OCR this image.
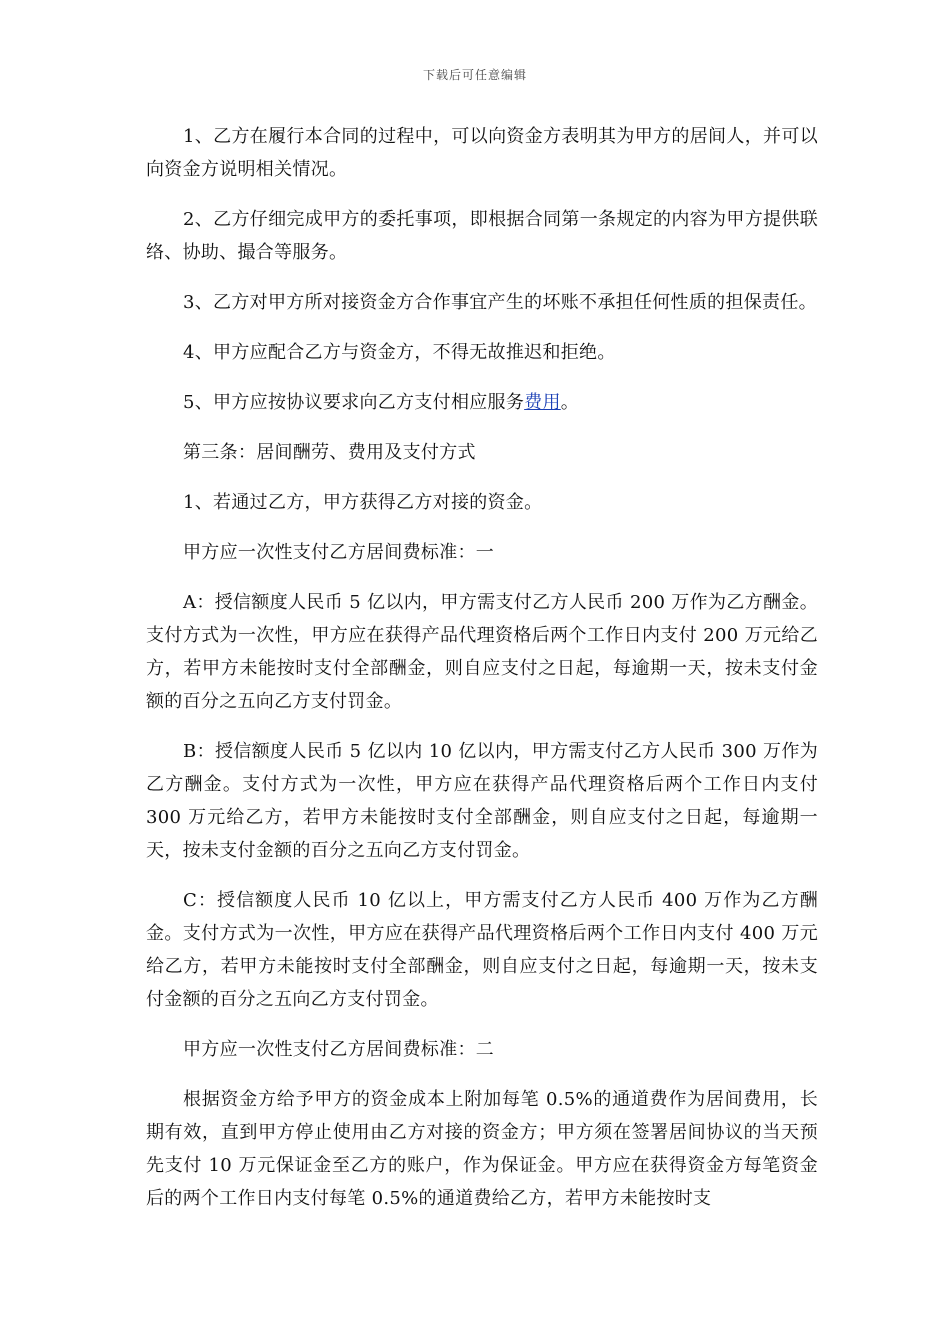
下载后可任意编辑

1、乙方在履行本合同的过程中，可以向资金方表明其为甲方的居间人，并可以向资金方说明相关情况。

2、乙方仔细完成甲方的委托事项，即根据合同第一条规定的内容为甲方提供联络、协助、撮合等服务。

3、乙方对甲方所对接资金方合作事宜产生的坏账不承担任何性质的担保责任。

4、甲方应配合乙方与资金方，不得无故推迟和拒绝。

5、甲方应按协议要求向乙方支付相应服务费用。

第三条：居间酬劳、费用及支付方式

1、若通过乙方，甲方获得乙方对接的资金。

甲方应一次性支付乙方居间费标准：一

A：授信额度人民币 5 亿以内，甲方需支付乙方人民币 200 万作为乙方酬金。支付方式为一次性，甲方应在获得产品代理资格后两个工作日内支付 200 万元给乙方，若甲方未能按时支付全部酬金，则自应支付之日起，每逾期一天，按未支付金额的百分之五向乙方支付罚金。

B：授信额度人民币 5 亿以内 10 亿以内，甲方需支付乙方人民币 300 万作为乙方酬金。支付方式为一次性，甲方应在获得产品代理资格后两个工作日内支付 300 万元给乙方，若甲方未能按时支付全部酬金，则自应支付之日起，每逾期一天，按未支付金额的百分之五向乙方支付罚金。

C：授信额度人民币 10 亿以上，甲方需支付乙方人民币 400 万作为乙方酬金。支付方式为一次性，甲方应在获得产品代理资格后两个工作日内支付 400 万元给乙方，若甲方未能按时支付全部酬金，则自应支付之日起，每逾期一天，按未支付金额的百分之五向乙方支付罚金。

甲方应一次性支付乙方居间费标准：二

根据资金方给予甲方的资金成本上附加每笔 0.5%的通道费作为居间费用，长期有效，直到甲方停止使用由乙方对接的资金方；甲方须在签署居间协议的当天预先支付 10 万元保证金至乙方的账户，作为保证金。甲方应在获得资金方每笔资金后的两个工作日内支付每笔 0.5%的通道费给乙方，若甲方未能按时支
